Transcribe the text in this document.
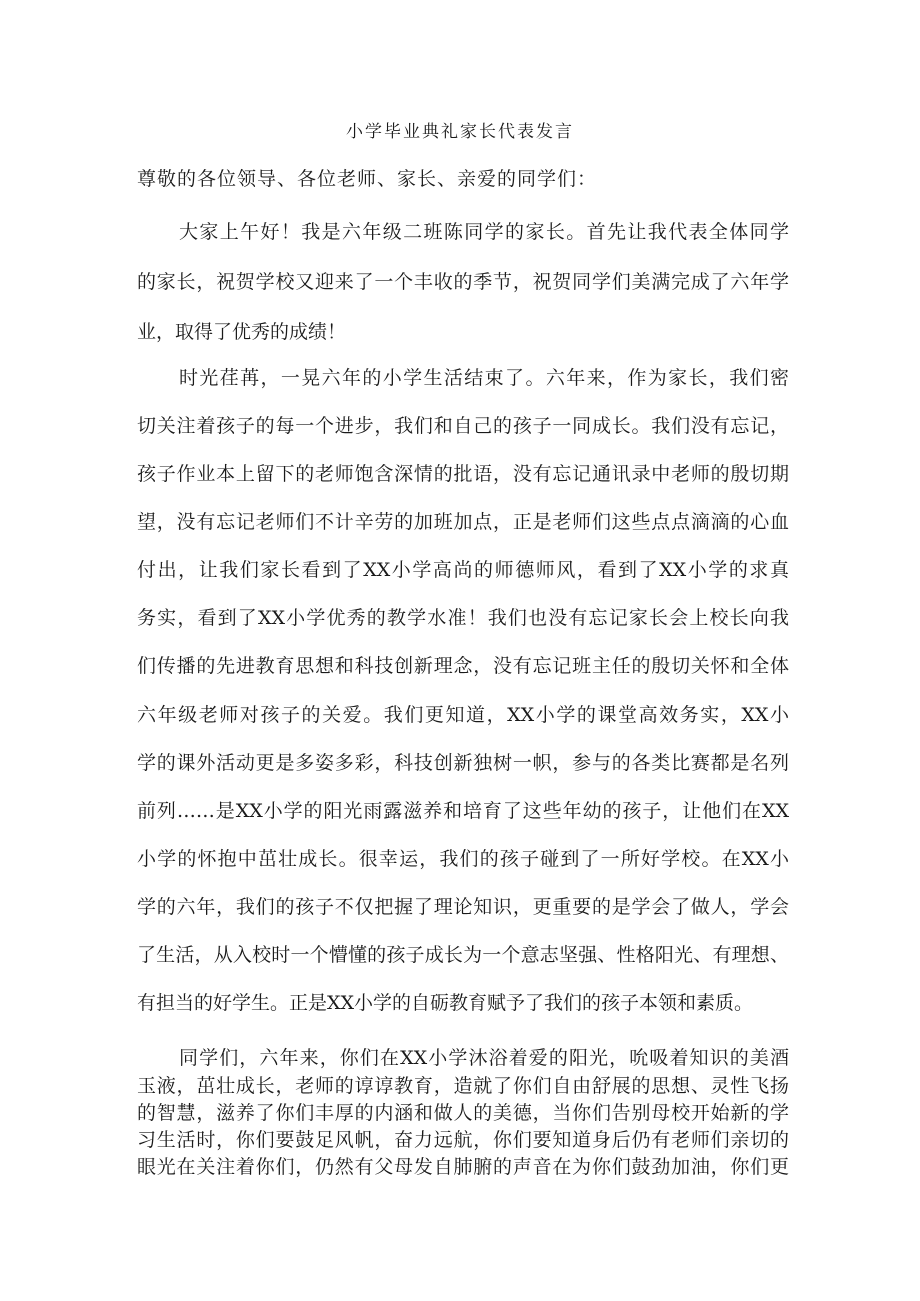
小学毕业典礼家长代表发言
尊敬的各位领导、各位老师、家长、亲爱的同学们：
大家上午好！我是六年级二班陈同学的家长。首先让我代表全体同学
的家长，祝贺学校又迎来了一个丰收的季节，祝贺同学们美满完成了六年学
业，取得了优秀的成绩！
时光荏苒，一晃六年的小学生活结束了。六年来，作为家长，我们密
切关注着孩子的每一个进步，我们和自己的孩子一同成长。我们没有忘记，
孩子作业本上留下的老师饱含深情的批语，没有忘记通讯录中老师的殷切期
望，没有忘记老师们不计辛劳的加班加点，正是老师们这些点点滴滴的心血
付出，让我们家长看到了XX小学高尚的师德师风，看到了XX小学的求真
务实，看到了XX小学优秀的教学水准！我们也没有忘记家长会上校长向我
们传播的先进教育思想和科技创新理念，没有忘记班主任的殷切关怀和全体
六年级老师对孩子的关爱。我们更知道，XX小学的课堂高效务实，XX小
学的课外活动更是多姿多彩，科技创新独树一帜，参与的各类比赛都是名列
前列……是XX小学的阳光雨露滋养和培育了这些年幼的孩子，让他们在XX
小学的怀抱中茁壮成长。很幸运，我们的孩子碰到了一所好学校。在XX小
学的六年，我们的孩子不仅把握了理论知识，更重要的是学会了做人，学会
了生活，从入校时一个懵懂的孩子成长为一个意志坚强、性格阳光、有理想、
有担当的好学生。正是XX小学的自砺教育赋予了我们的孩子本领和素质。
同学们，六年来，你们在XX小学沐浴着爱的阳光，吮吸着知识的美酒
玉液，茁壮成长，老师的谆谆教育，造就了你们自由舒展的思想、灵性飞扬
的智慧，滋养了你们丰厚的内涵和做人的美德，当你们告别母校开始新的学
习生活时，你们要鼓足风帆，奋力远航，你们要知道身后仍有老师们亲切的
眼光在关注着你们，仍然有父母发自肺腑的声音在为你们鼓劲加油，你们更
